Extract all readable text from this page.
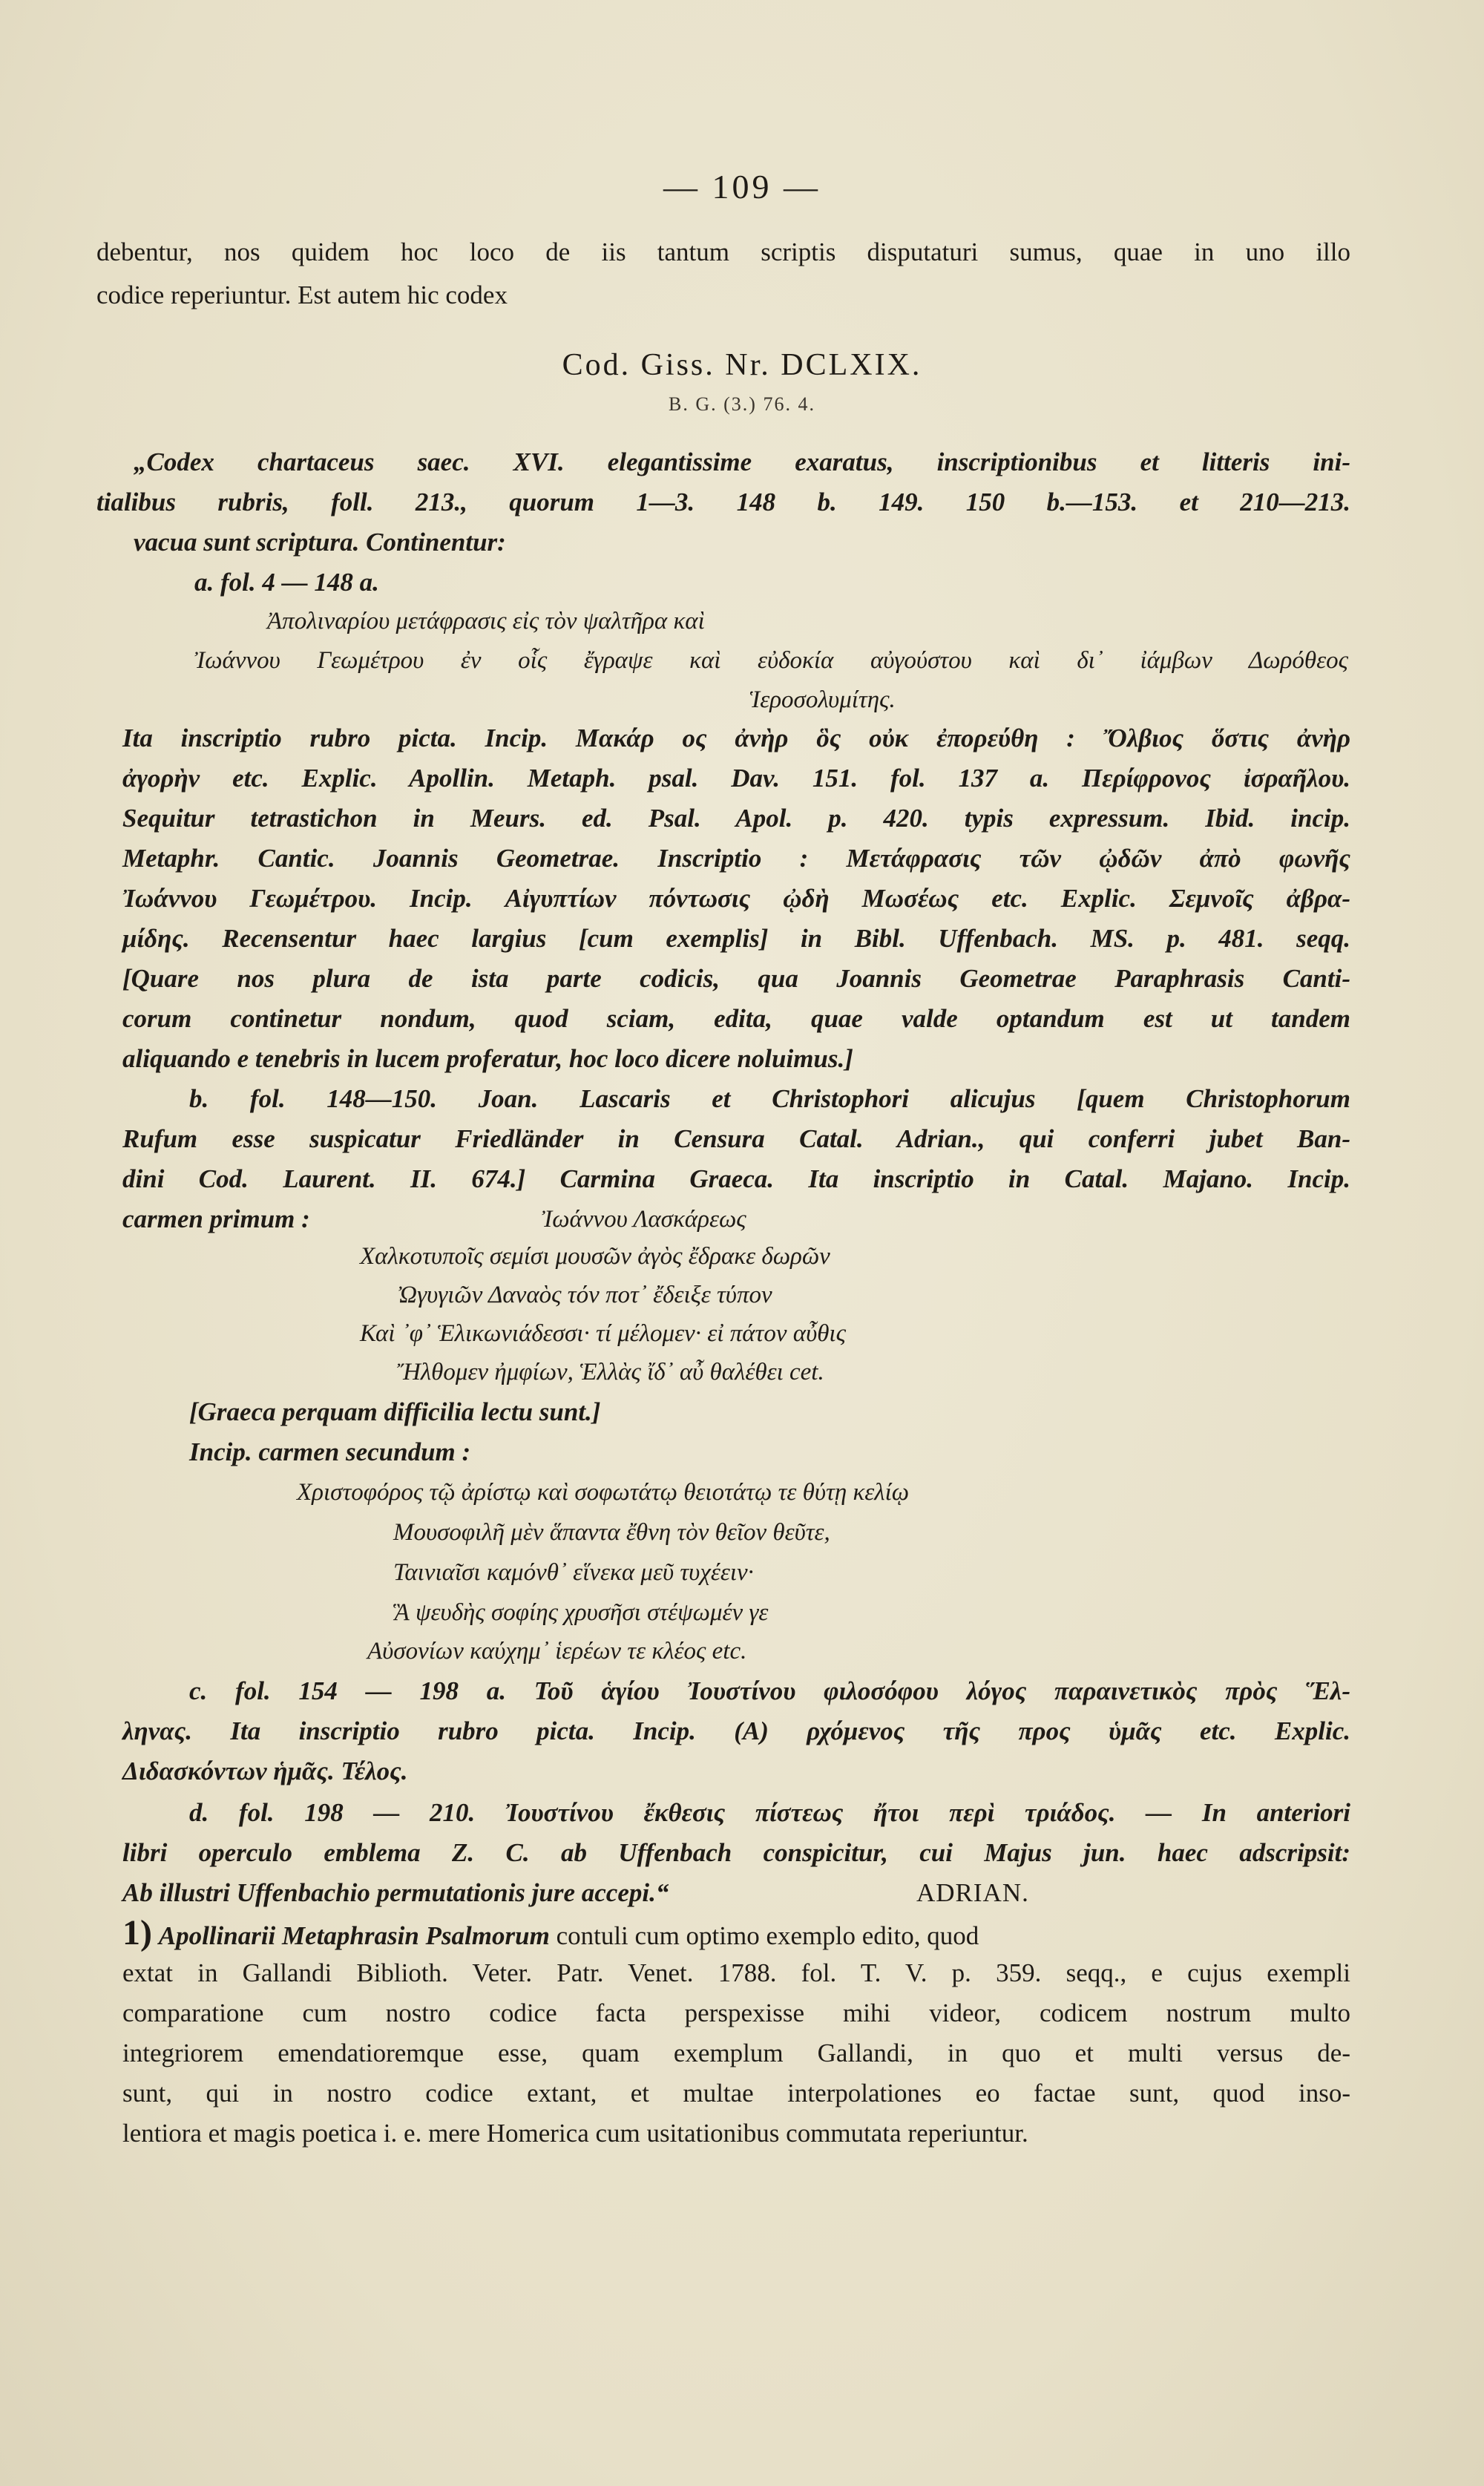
— 109 —
debentur, nos quidem hoc loco de iis tantum scriptis disputaturi sumus, quae in uno illo
codice reperiuntur. Est autem hic codex
Cod. Giss. Nr. DCLXIX.
B. G. (3.) 76. 4.
„Codex chartaceus saec. XVI. elegantissime exaratus, inscriptionibus et litteris ini-
tialibus rubris, foll. 213., quorum 1—3. 148 b. 149. 150 b.—153. et 210—213.
vacua sunt scriptura. Continentur:
a. fol. 4 — 148 a.
Ἀπολιναρίου μετάφρασις εἰς τὸν ψαλτῆρα καὶ
Ἰωάννου Γεωμέτρου ἐν οἷς ἔγραψε καὶ εὐδοκία αὐγούστου καὶ δι᾽ ἰάμβων Δωρόθεος
Ἱεροσολυμίτης.
Ita inscriptio rubro picta. Incip. Μακάρ ος ἀνὴρ ὃς οὐκ ἐπορεύθη : Ὄλβιος ὅστις ἀνὴρ
ἀγορὴν etc. Explic. Apollin. Metaph. psal. Dav. 151. fol. 137 a. Περίφρονος ἰσραῆλου.
Sequitur tetrastichon in Meurs. ed. Psal. Apol. p. 420. typis expressum. Ibid. incip.
Metaphr. Cantic. Joannis Geometrae. Inscriptio : Μετάφρασις τῶν ᾠδῶν ἀπὸ φωνῆς
Ἰωάννου Γεωμέτρου. Incip. Αἰγυπτίων πόντωσις ᾠδὴ Μωσέως etc. Explic. Σεμνοῖς ἀβρα-
μίδης. Recensentur haec largius [cum exemplis] in Bibl. Uffenbach. MS. p. 481. seqq.
[Quare nos plura de ista parte codicis, qua Joannis Geometrae Paraphrasis Canti-
corum continetur nondum, quod sciam, edita, quae valde optandum est ut tandem
aliquando e tenebris in lucem proferatur, hoc loco dicere noluimus.]
b. fol. 148—150. Joan. Lascaris et Christophori alicujus [quem Christophorum
Rufum esse suspicatur Friedländer in Censura Catal. Adrian., qui conferri jubet Ban-
dini Cod. Laurent. II. 674.] Carmina Graeca. Ita inscriptio in Catal. Majano. Incip.
carmen primum :	Ἰωάννου Λασκάρεως
Χαλκοτυποῖς σεμίσι μουσῶν ἀγὸς ἔδρακε δωρῶν
Ὠγυγιῶν Δαναὸς τόν ποτ᾽ ἔδειξε τύπον
Καὶ ᾽φ᾽ Ἑλικωνιάδεσσι· τί μέλομεν· εἰ πάτον αὖθις
Ἤλθομεν ἠμφίων, Ἑλλὰς ἴδ᾽ αὖ θαλέθει cet.
[Graeca perquam difficilia lectu sunt.]
Incip. carmen secundum :
Χριστοφόρος τῷ ἀρίστῳ καὶ σοφωτάτῳ θειοτάτῳ τε θύτῃ κελίῳ
Μουσοφιλῆ μὲν ἅπαντα ἔθνη τὸν θεῖον θεῦτε,
Ταινιαῖσι καμόνθ᾽ εἵνεκα μεῦ τυχέειν·
Ἃ ψευδὴς σοφίης χρυσῆσι στέψωμέν γε
Αὐσονίων καύχημ᾽ ἱερέων τε κλέος etc.
c. fol. 154 — 198 a. Τοῦ ἁγίου Ἰουστίνου φιλοσόφου λόγος παραινετικὸς πρὸς Ἕλ-
ληνας. Ita inscriptio rubro picta. Incip. (A) ρχόμενος τῆς προς ὑμᾶς etc. Explic.
Διδασκόντων ἡμᾶς. Τέλος.
d. fol. 198 — 210. Ἰουστίνου ἔκθεσις πίστεως ἤτοι περὶ τριάδος. — In anteriori
libri operculo emblema Z. C. ab Uffenbach conspicitur, cui Majus jun. haec adscripsit:
Ab illustri Uffenbachio permutationis jure accepi.“	ADRIAN.
1) Apollinarii Metaphrasin Psalmorum contuli cum optimo exemplo edito, quod
extat in Gallandi Biblioth. Veter. Patr. Venet. 1788. fol. T. V. p. 359. seqq., e cujus exempli
comparatione cum nostro codice facta perspexisse mihi videor, codicem nostrum multo
integriorem emendatioremque esse, quam exemplum Gallandi, in quo et multi versus de-
sunt, qui in nostro codice extant, et multae interpolationes eo factae sunt, quod inso-
lentiora et magis poetica i. e. mere Homerica cum usitationibus commutata reperiuntur.
